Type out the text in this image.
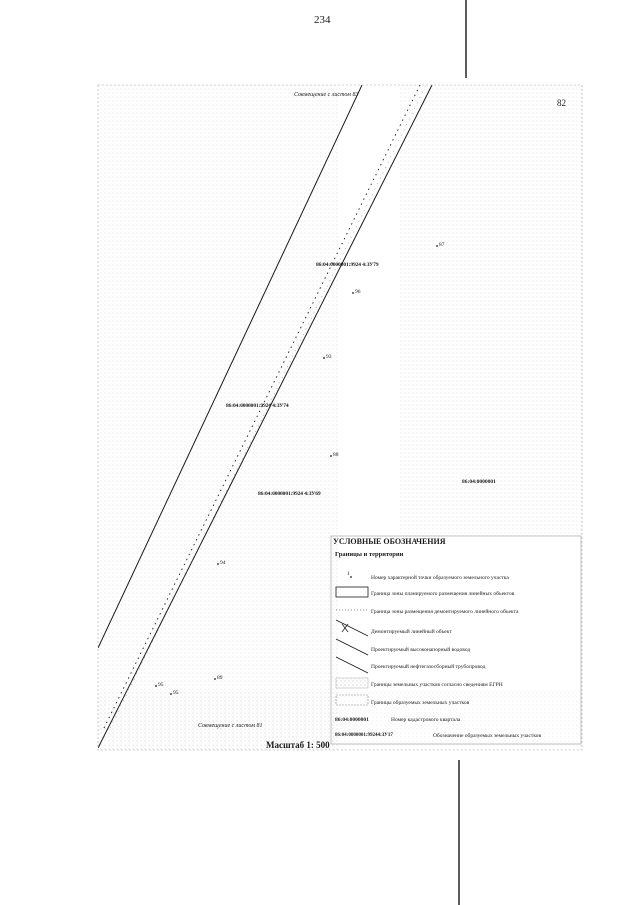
234
82
Совмещение с листом 83
Совмещение с листом 81
86:04:0000001:9924 4:ЗУ79
86:04:0000001:9924 4:ЗУ74
86:04:0000001:9924 4:ЗУ69
86:04:0000001
87
96
93
88
94
89
95
95
Масштаб 1: 500
УСЛОВНЫЕ ОБОЗНАЧЕНИЯ
Границы и территории
1
Номер характерной точки образуемого земельного участка
Граница зоны планируемого размещения линейных объектов
Граница зоны размещения демонтируемого линейного объекта
Демонтируемый линейный объект
Проектируемый высоконапорный водовод
Проектируемый нефтегазосборный трубопровод
Границы земельных участков согласно сведениям ЕГРН
Границы образуемых земельных участков
86:04:0000001	Номер кадастрового квартала
86:04:0000001:99244:ЗУ17	Обозначение образуемых земельных участков
